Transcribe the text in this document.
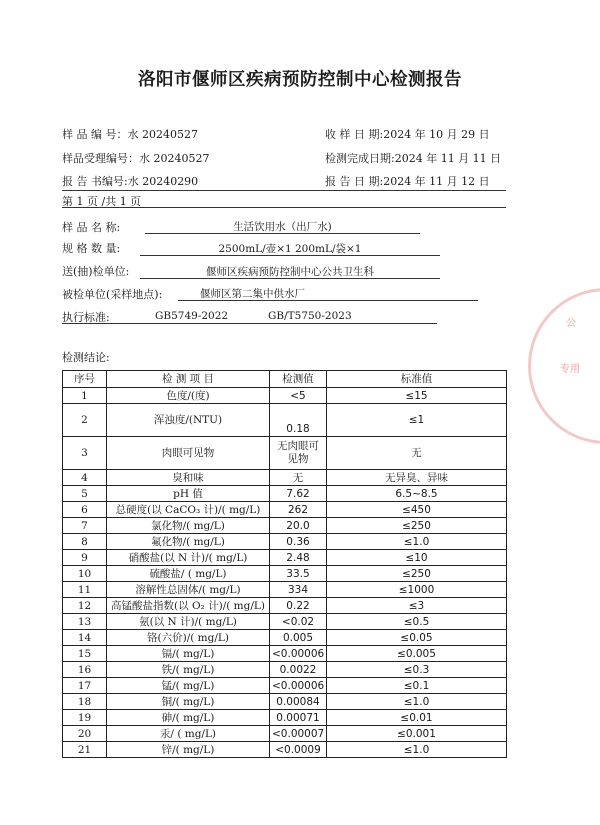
洛阳市偃师区疾病预防控制中心检测报告
样 品 编 号：水 20240527
样品受理编号：水 20240527
报 告 书编号:水 20240290
收 样 日 期:2024 年 10 月 29 日
检测完成日期:2024 年 11 月 11 日
报 告 日 期:2024 年 11 月 12 日
第 1 页 /共 1 页
样 品 名 称:	生活饮用水（出厂水)
规 格 数 量:	2500mL/壶×1 200mL/袋×1
送(抽)检单位:	偃师区疾病预防控制中心公共卫生科
被检单位(采样地点):	偃师区第二集中供水厂
执行标准:	GB5749-2022	GB/T5750-2023
公
专用
检测结论:
序号	检 测 项 目	检测值	标准值
1	色度/(度)	<5	≤15
2	浑浊度/(NTU)	0.18	≤1
3	肉眼可见物	无肉眼可见物	无
4	臭和味	无	无异臭、异味
5	pH 值	7.62	6.5~8.5
6	总硬度(以 CaCO₃ 计)/( mg/L)	262	≤450
7	氯化物/( mg/L)	20.0	≤250
8	氟化物/( mg/L)	0.36	≤1.0
9	硝酸盐(以 N 计)/( mg/L)	2.48	≤10
10	硫酸盐/ ( mg/L)	33.5	≤250
11	溶解性总固体/( mg/L)	334	≤1000
12	高锰酸盐指数(以 O₂ 计)/( mg/L)	0.22	≤3
13	氨(以 N 计)/( mg/L)	<0.02	≤0.5
14	铬(六价)/( mg/L)	0.005	≤0.05
15	镉/( mg/L)	<0.00006	≤0.005
16	铁/( mg/L)	0.0022	≤0.3
17	锰/( mg/L)	<0.00006	≤0.1
18	铜/( mg/L)	0.00084	≤1.0
19	砷/( mg/L)	0.00071	≤0.01
20	汞/ ( mg/L)	<0.00007	≤0.001
21	锌/( mg/L)	<0.0009	≤1.0
